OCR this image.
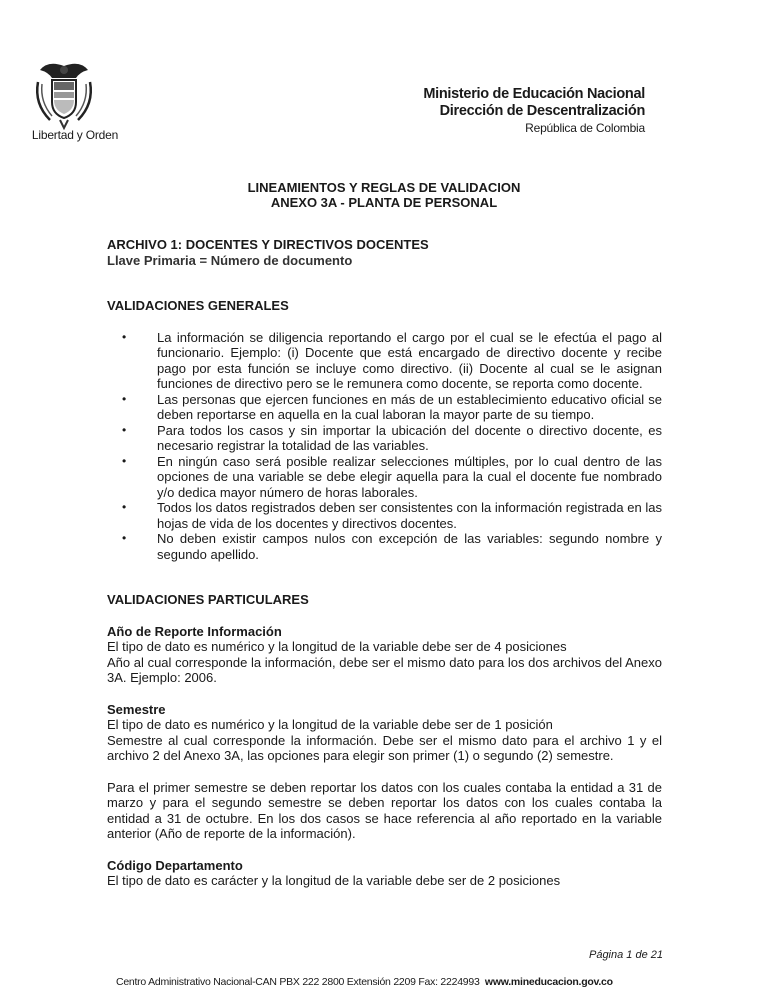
Libertad y Orden
Ministerio de Educación Nacional
Dirección de Descentralización
República de Colombia
LINEAMIENTOS Y REGLAS DE VALIDACION
ANEXO 3A - PLANTA DE PERSONAL
ARCHIVO 1: DOCENTES Y DIRECTIVOS DOCENTES
Llave Primaria = Número de documento
VALIDACIONES GENERALES
• La información se diligencia reportando el cargo por el cual se le efectúa el pago al funcionario. Ejemplo: (i) Docente que está encargado de directivo docente y recibe pago por esta función se incluye como directivo. (ii) Docente al cual se le asignan funciones de directivo pero se le remunera como docente, se reporta como docente.
• Las personas que ejercen funciones en más de un establecimiento educativo oficial se deben reportarse en aquella en la cual laboran la mayor parte de su tiempo.
• Para todos los casos y sin importar la ubicación del docente o directivo docente, es necesario registrar la totalidad de las variables.
• En ningún caso será posible realizar selecciones múltiples, por lo cual dentro de las opciones de una variable se debe elegir aquella para la cual el docente fue nombrado y/o dedica mayor número de horas laborales.
• Todos los datos registrados deben ser consistentes con la información registrada en las hojas de vida de los docentes y directivos docentes.
• No deben existir campos nulos con excepción de las variables: segundo nombre y segundo apellido.
VALIDACIONES PARTICULARES
Año de Reporte Información
El tipo de dato es numérico y la longitud de la variable debe ser de 4 posiciones
Año al cual corresponde la información, debe ser el mismo dato para los dos archivos del Anexo 3A. Ejemplo: 2006.
Semestre
El tipo de dato es numérico y la longitud de la variable debe ser de 1 posición
Semestre al cual corresponde la información. Debe ser el mismo dato para el archivo 1 y el archivo 2 del Anexo 3A, las opciones para elegir son primer (1) o segundo (2) semestre.
Para el primer semestre se deben reportar los datos con los cuales contaba la entidad a 31 de marzo y para el segundo semestre se deben reportar los datos con los cuales contaba la entidad a 31 de octubre. En los dos casos se hace referencia al año reportado en la variable anterior (Año de reporte de la información).
Código Departamento
El tipo de dato es carácter y la longitud de la variable debe ser de 2 posiciones
Página 1 de 21
Centro Administrativo Nacional-CAN PBX 222 2800 Extensión 2209 Fax: 2224993 www.mineducacion.gov.co
